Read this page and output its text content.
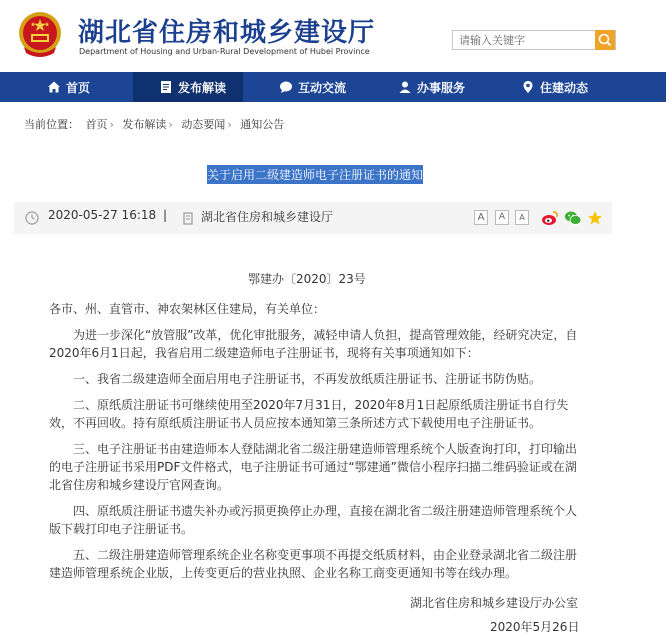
湖北省住房和城乡建设厅
Department of Housing and Urban-Rural Development of Hubei Province
请输入关键字
首页	发布解读	互动交流	办事服务	住建动态
当前位置： 首页 › 发布解读 › 动态要闻 › 通知公告
关于启用二级建造师电子注册证书的通知
2020-05-27 16:18 |	湖北省住房和城乡建设厅	A	A	A
鄂建办〔2020〕23号
各市、州、直管市、神农架林区住建局，有关单位：
为进一步深化“放管服”改革，优化审批服务，减轻申请人负担，提高管理效能，经研究决定，自2020年6月1日起，我省启用二级建造师电子注册证书，现将有关事项通知如下：
一、我省二级建造师全面启用电子注册证书，不再发放纸质注册证书、注册证书防伪贴。
二、原纸质注册证书可继续使用至2020年7月31日，2020年8月1日起原纸质注册证书自行失效，不再回收。持有原纸质注册证书人员应按本通知第三条所述方式下载使用电子注册证书。
三、电子注册证书由建造师本人登陆湖北省二级注册建造师管理系统个人版查询打印，打印输出的电子注册证书采用PDF文件格式，电子注册证书可通过“鄂建通”微信小程序扫描二维码验证或在湖北省住房和城乡建设厅官网查询。
四、原纸质注册证书遗失补办或污损更换停止办理，直接在湖北省二级注册建造师管理系统个人版下载打印电子注册证书。
五、二级注册建造师管理系统企业名称变更事项不再提交纸质材料，由企业登录湖北省二级注册建造师管理系统企业版，上传变更后的营业执照、企业名称工商变更通知书等在线办理。
湖北省住房和城乡建设厅办公室
2020年5月26日
